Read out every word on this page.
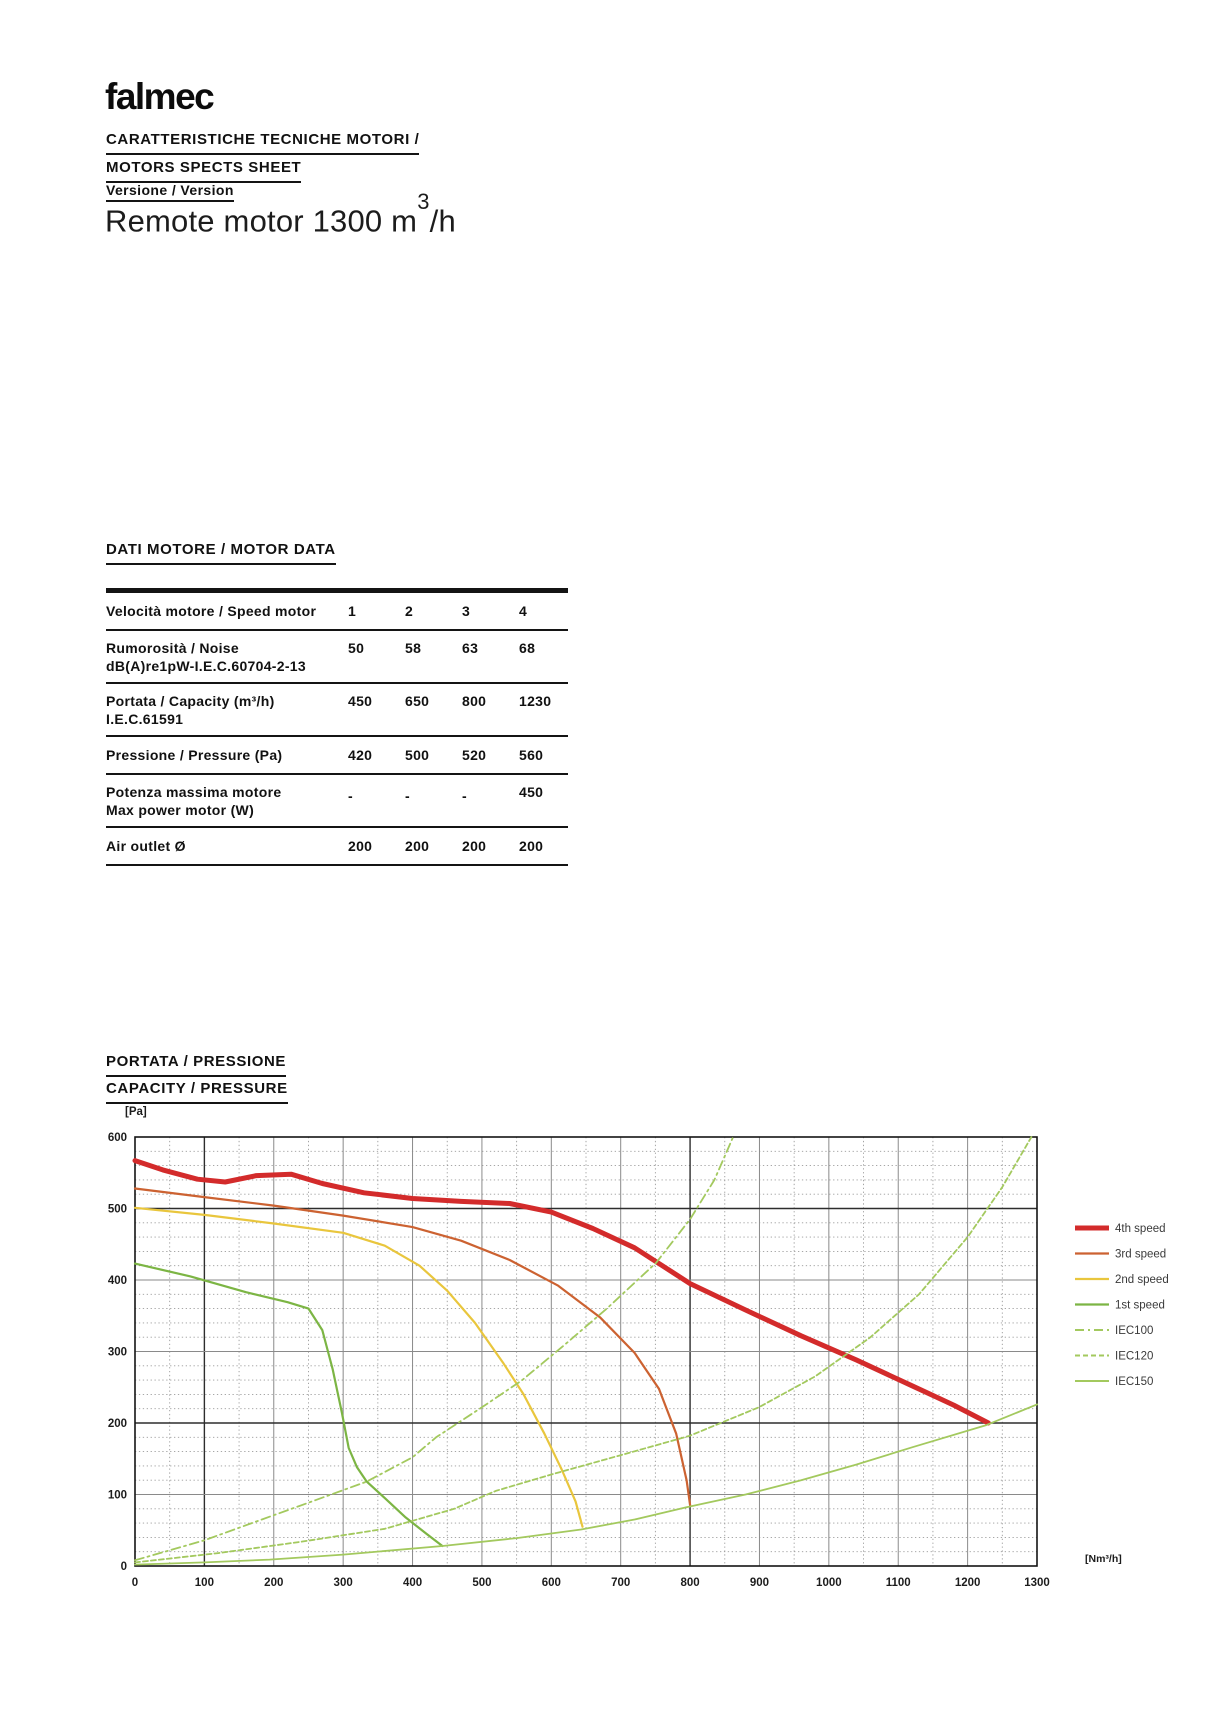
falmec
CARATTERISTICHE TECNICHE MOTORI /
MOTORS SPECTS SHEET
Versione / Version
Remote motor 1300 $m^3/h$
DATI MOTORE / MOTOR DATA
Velocità motore / Speed motor	1	2	3	4
Rumorosità / Noise
dB(A)re1pW-I.E.C.60704-2-13
50	58	63	68
Portata / Capacity (m³/h)
I.E.C.61591
450	650	800	1230
Pressione / Pressure (Pa)	420	500	520	560
Potenza massima motore
Max power motor (W)
-	-	-	450
Air outlet Ø	200	200	200	200
PORTATA / PRESSIONE
CAPACITY / PRESSURE
0
100
200
300
400
500
600
0	100	200	300	400	500	600	700	800	900	1000	1100	1200	1300
[Pa]
[Nm³/h]
4th speed
3rd speed
2nd speed
1st speed
IEC100
IEC120
IEC150
